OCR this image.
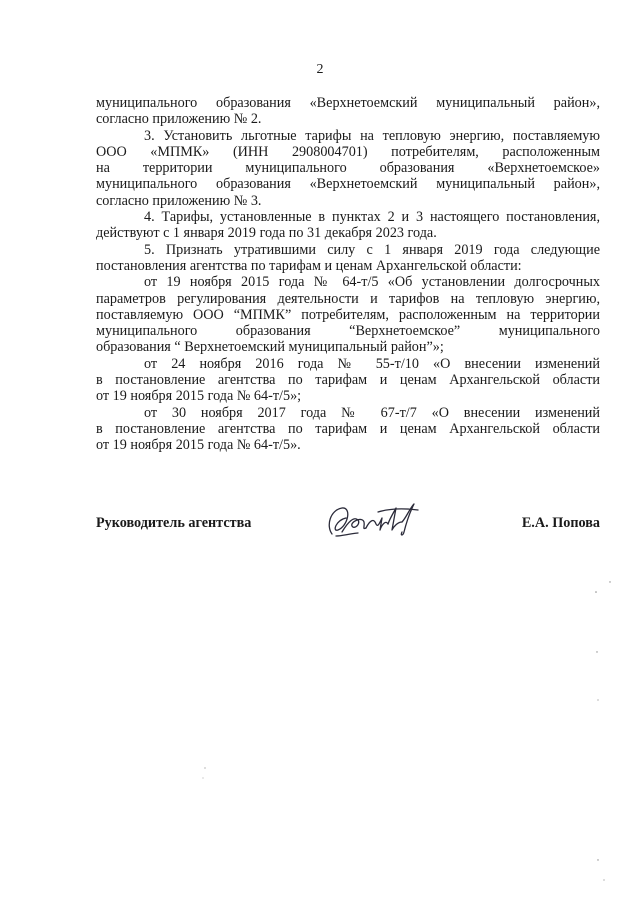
2

муниципального образования «Верхнетоемский муниципальный район»,

согласно приложению № 2.

3. Установить льготные тарифы на тепловую энергию, поставляемую

ООО «МПМК» (ИНН 2908004701) потребителям, расположенным

на территории муниципального образования «Верхнетоемское»

муниципального образования «Верхнетоемский муниципальный район»,

согласно приложению № 3.

4. Тарифы, установленные в пунктах 2 и 3 настоящего постановления,

действуют с 1 января 2019 года по 31 декабря 2023 года.

5. Признать утратившими силу с 1 января 2019 года следующие

постановления агентства по тарифам и ценам Архангельской области:

от 19 ноября 2015 года № 64-т/5 «Об установлении долгосрочных

параметров регулирования деятельности и тарифов на тепловую энергию,

поставляемую ООО “МПМК” потребителям, расположенным на территории

муниципального образования “Верхнетоемское” муниципального

образования “ Верхнетоемский муниципальный район”»;

от 24 ноября 2016 года № 55-т/10 «О внесении изменений

в постановление агентства по тарифам и ценам Архангельской области

от 19 ноября 2015 года № 64-т/5»;

от 30 ноября 2017 года № 67-т/7 «О внесении изменений

в постановление агентства по тарифам и ценам Архангельской области

от 19 ноября 2015 года № 64-т/5».

Руководитель агентства	Е.А. Попова
